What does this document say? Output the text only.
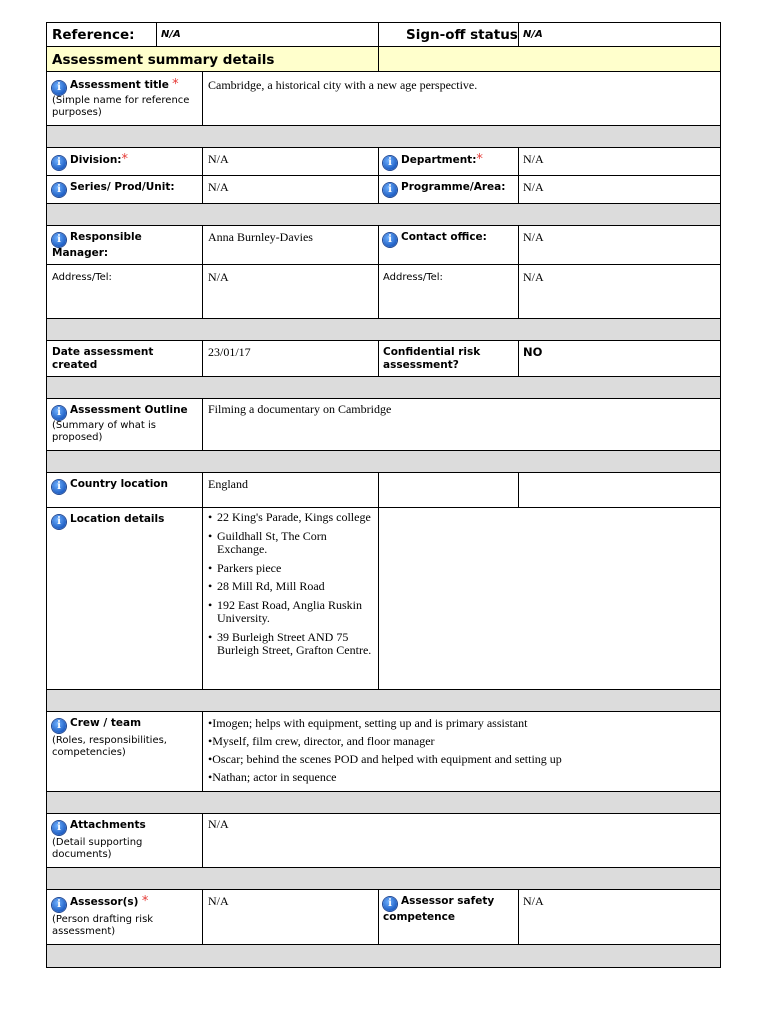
Reference:	N/A	Sign-off status N/A
Assessment summary details
i Assessment title *
(Simple name for reference purposes)
Cambridge, a historical city with a new age perspective.
i Division:*	N/A	i Department:*	N/A
i Series/ Prod/Unit:	N/A	i Programme/Area: N/A
i Responsible Manager:
Anna Burnley-Davies	i Contact office:	N/A
Address/Tel:	N/A	Address/Tel:	N/A
Date assessment created
23/01/17	Confidential risk assessment?
NO
i Assessment Outline
(Summary of what is proposed)
Filming a documentary on Cambridge
i Country location	England
i Location details
•	22 King's Parade, Kings college
• Guildhall St, The Corn Exchange.
• Parkers piece
• 28 Mill Rd, Mill Road
• 192 East Road, Anglia Ruskin University.
• 39 Burleigh Street AND 75 Burleigh Street, Grafton Centre.
i Crew / team
(Roles, responsibilities, competencies)
•Imogen; helps with equipment, setting up and is primary assistant
•Myself, film crew, director, and floor manager
•Oscar; behind the scenes POD and helped with equipment and setting up
•Nathan; actor in sequence
i Attachments
(Detail supporting documents)
N/A
i Assessor(s) *
(Person drafting risk assessment)
N/A	i Assessor safety competence
N/A
